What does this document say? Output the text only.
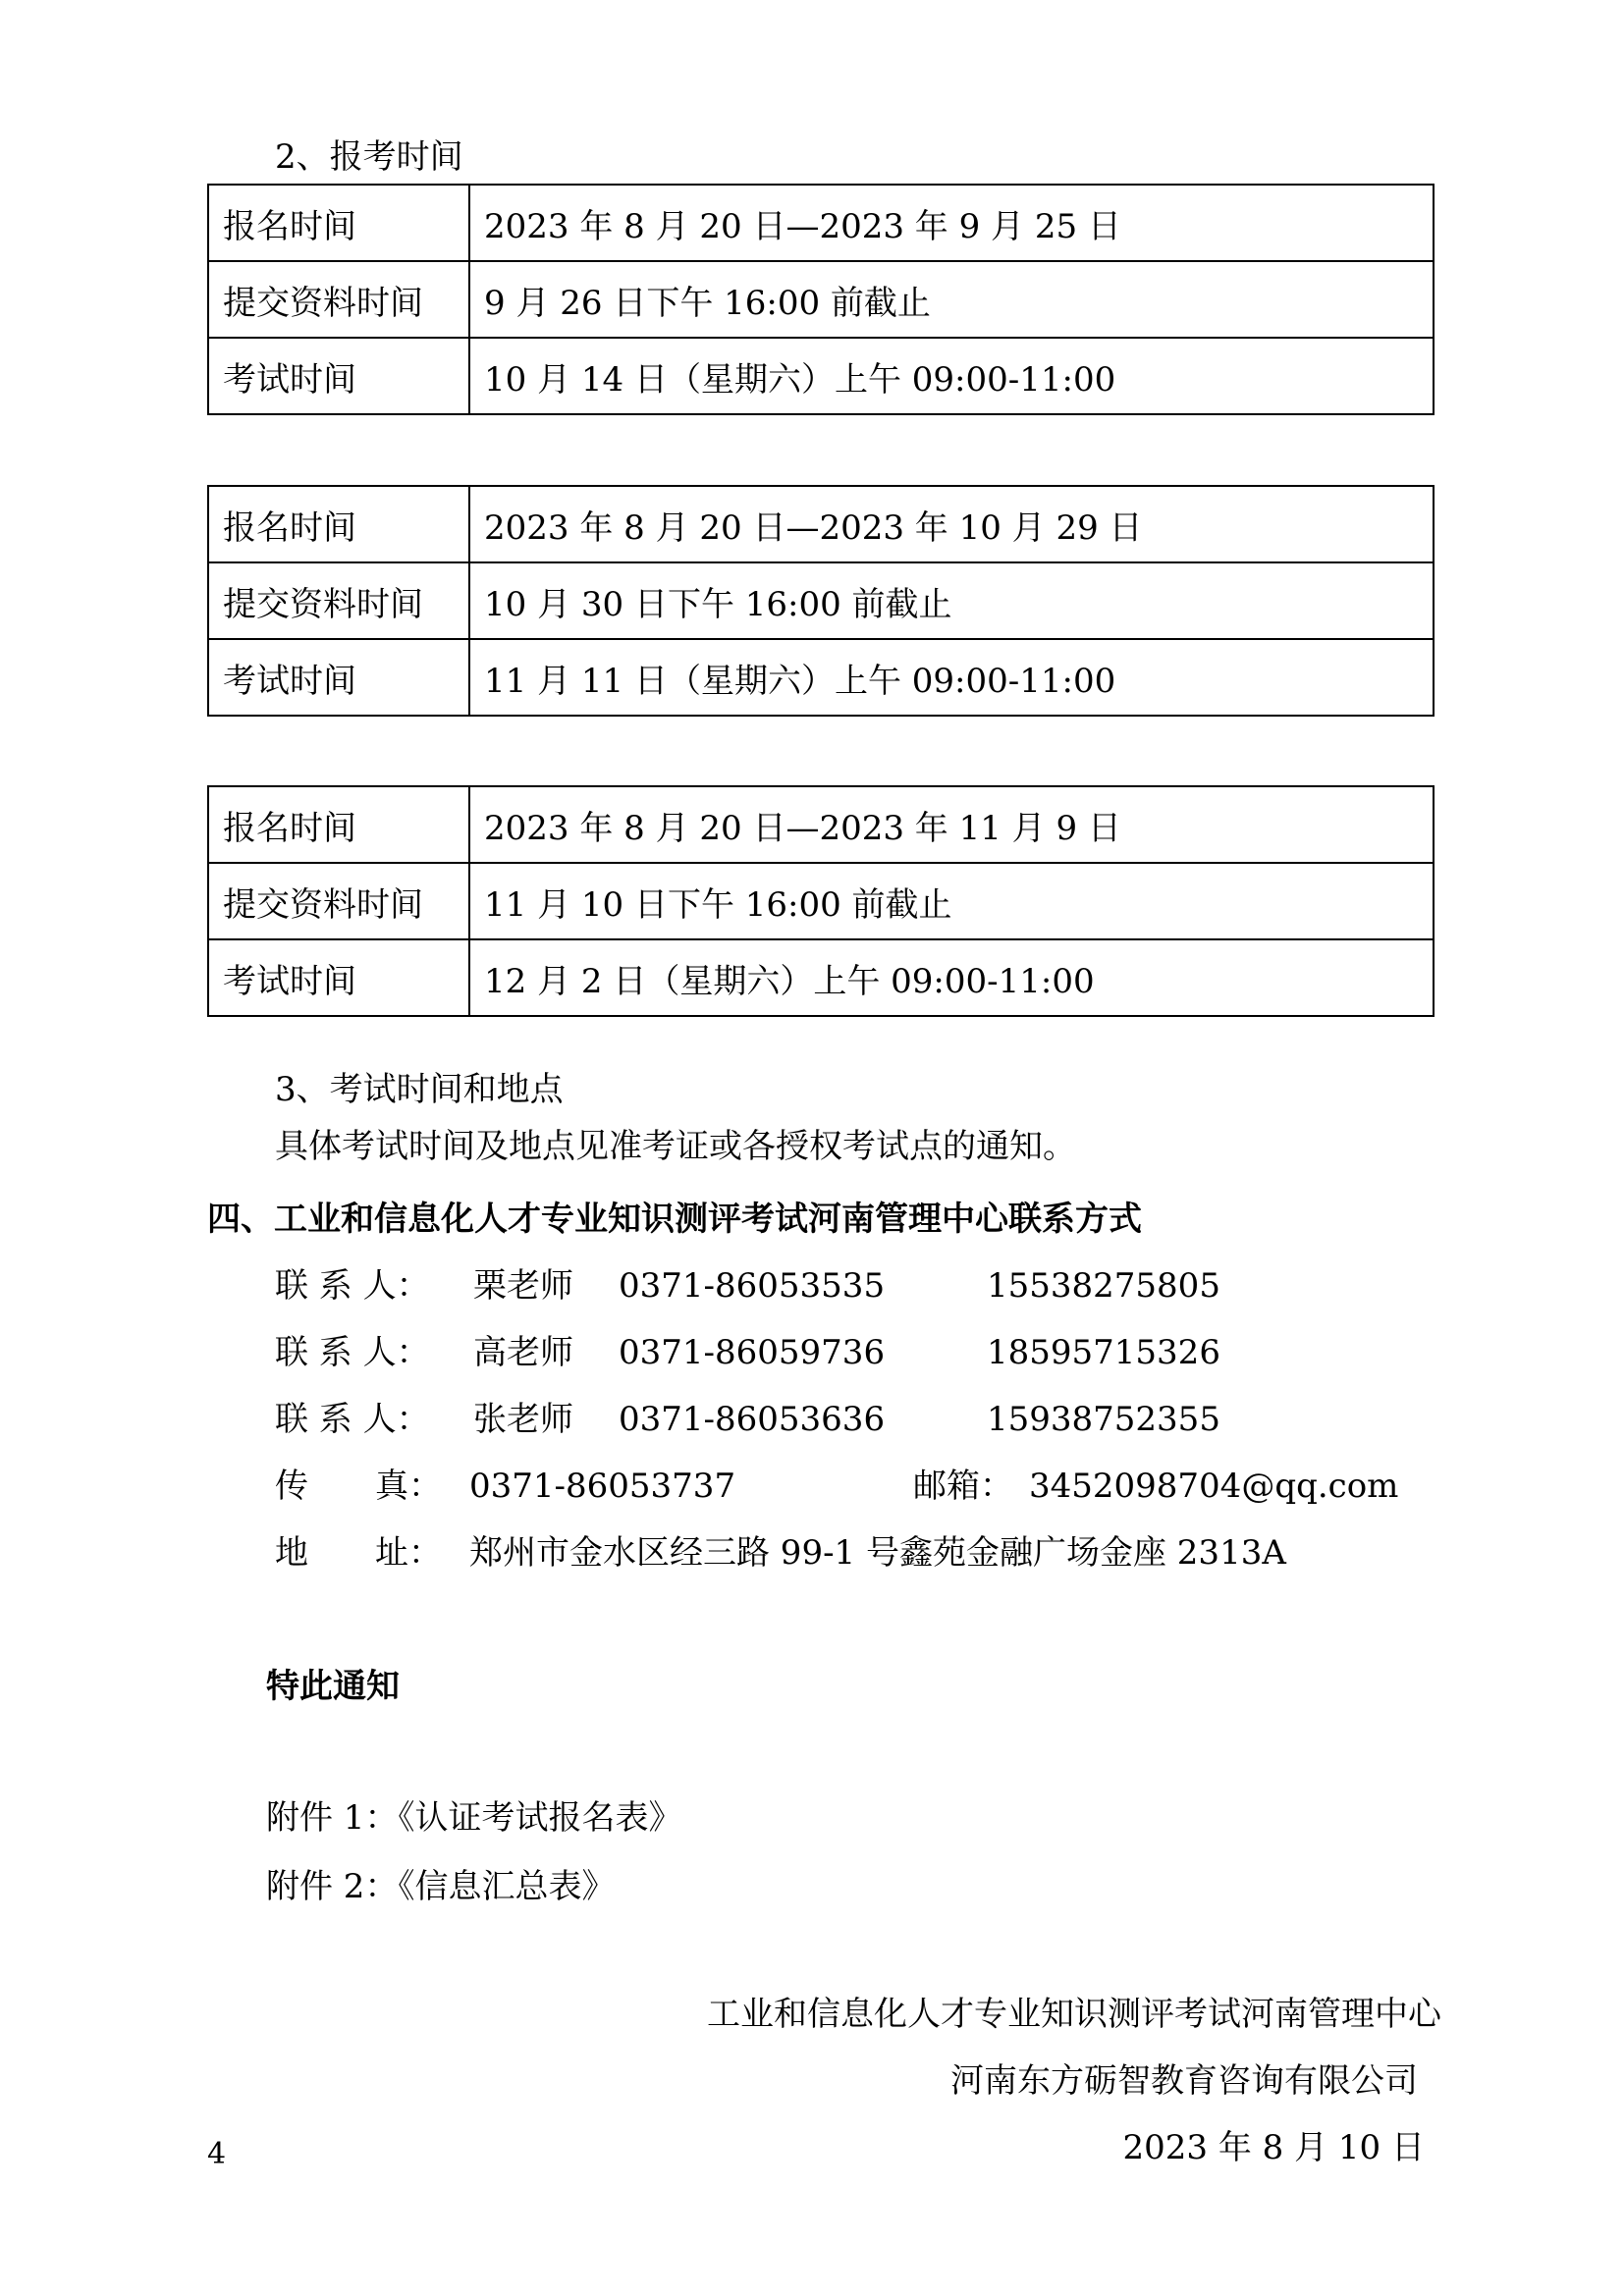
2、报考时间
报名时间	2023 年 8 月 20 日—2023 年 9 月 25 日
提交资料时间	9 月 26 日下午 16:00 前截止
考试时间	10 月 14 日（星期六）上午 09:00-11:00
报名时间	2023 年 8 月 20 日—2023 年 10 月 29 日
提交资料时间	10 月 30 日下午 16:00 前截止
考试时间	11 月 11 日（星期六）上午 09:00-11:00
报名时间	2023 年 8 月 20 日—2023 年 11 月 9 日
提交资料时间	11 月 10 日下午 16:00 前截止
考试时间	12 月 2 日（星期六）上午 09:00-11:00
3、考试时间和地点
具体考试时间及地点见准考证或各授权考试点的通知。
四、工业和信息化人才专业知识测评考试河南管理中心联系方式
联 系 人： 栗老师 0371-86053535	15538275805
联 系 人： 高老师 0371-86059736	18595715326
联 系 人： 张老师 0371-86053636	15938752355
传　　真： 0371-86053737	邮箱： 3452098704@qq.com
地　　址： 郑州市金水区经三路 99-1 号鑫苑金融广场金座 2313A
特此通知
附件 1：《认证考试报名表》
附件 2：《信息汇总表》
工业和信息化人才专业知识测评考试河南管理中心
河南东方砺智教育咨询有限公司
2023 年 8 月 10 日
4
